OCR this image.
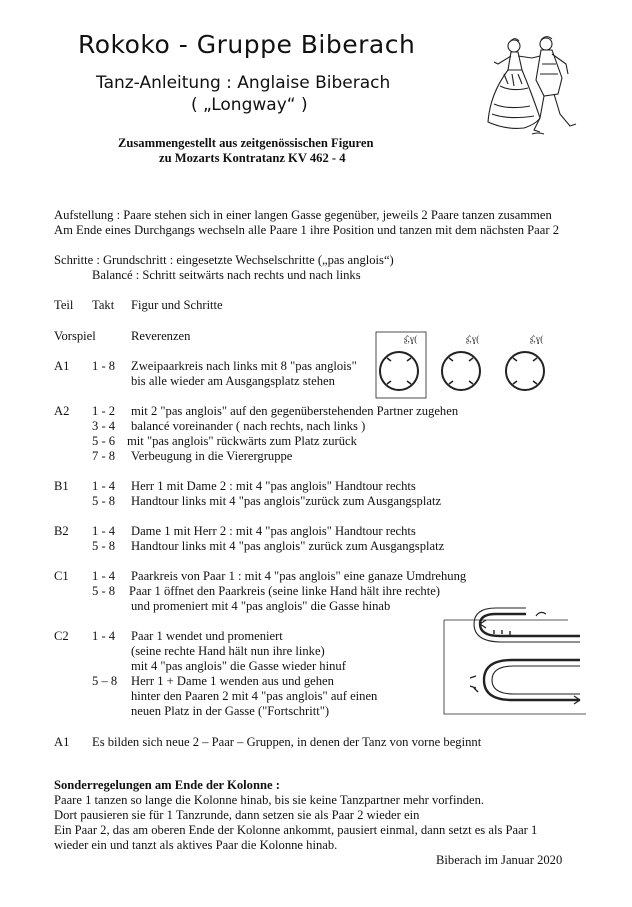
Rokoko - Gruppe Biberach
Tanz-Anleitung : Anglaise Biberach
( „Longway“ )
Zusammengestellt aus zeitgenössischen Figuren
zu Mozarts Kontratanz KV 462 - 4
Aufstellung : Paare stehen sich in einer langen Gasse gegenüber, jeweils 2 Paare tanzen zusammen
Am Ende eines Durchgangs wechseln alle Paare 1 ihre Position und tanzen mit dem nächsten Paar 2
Schritte : Grundschritt : eingesetzte Wechselschritte („pas anglois“)
Balancé : Schritt seitwärts nach rechts und nach links
Teil Takt Figur und Schritte
Vorspiel	Reverenzen
A1 1 - 8 Zweipaarkreis nach links mit 8 "pas anglois"
bis alle wieder am Ausgangsplatz stehen
ʂ̂,ɣ(	ʂ̂,ɣ(	ʂ̂,ɣ(
A2 1 - 2 mit 2 "pas anglois" auf den gegenüberstehenden Partner zugehen
3 - 4 balancé voreinander ( nach rechts, nach links )
5 - 6 mit "pas anglois" rückwärts zum Platz zurück
7 - 8 Verbeugung in die Vierergruppe
B1 1 - 4 Herr 1 mit Dame 2 : mit 4 "pas anglois" Handtour rechts
5 - 8 Handtour links mit 4 "pas anglois"zurück zum Ausgangsplatz
B2 1 - 4 Dame 1 mit Herr 2 : mit 4 "pas anglois" Handtour rechts
5 - 8 Handtour links mit 4 "pas anglois" zurück zum Ausgangsplatz
C1 1 - 4 Paarkreis von Paar 1 : mit 4 "pas anglois" eine ganaze Umdrehung
5 - 8 Paar 1 öffnet den Paarkreis (seine linke Hand hält ihre rechte)
und promeniert mit 4 "pas anglois" die Gasse hinab
C2 1 - 4 Paar 1 wendet und promeniert
(seine rechte Hand hält nun ihre linke)
mit 4 "pas anglois" die Gasse wieder hinuf
5 – 8 Herr 1 + Dame 1 wenden aus und gehen
hinter den Paaren 2 mit 4 "pas anglois" auf einen
neuen Platz in der Gasse ("Fortschritt")
A1 Es bilden sich neue 2 – Paar – Gruppen, in denen der Tanz von vorne beginnt
Sonderregelungen am Ende der Kolonne :
Paare 1 tanzen so lange die Kolonne hinab, bis sie keine Tanzpartner mehr vorfinden.
Dort pausieren sie für 1 Tanzrunde, dann setzen sie als Paar 2 wieder ein
Ein Paar 2, das am oberen Ende der Kolonne ankommt, pausiert einmal, dann setzt es als Paar 1
wieder ein und tanzt als aktives Paar die Kolonne hinab.
Biberach im Januar 2020
